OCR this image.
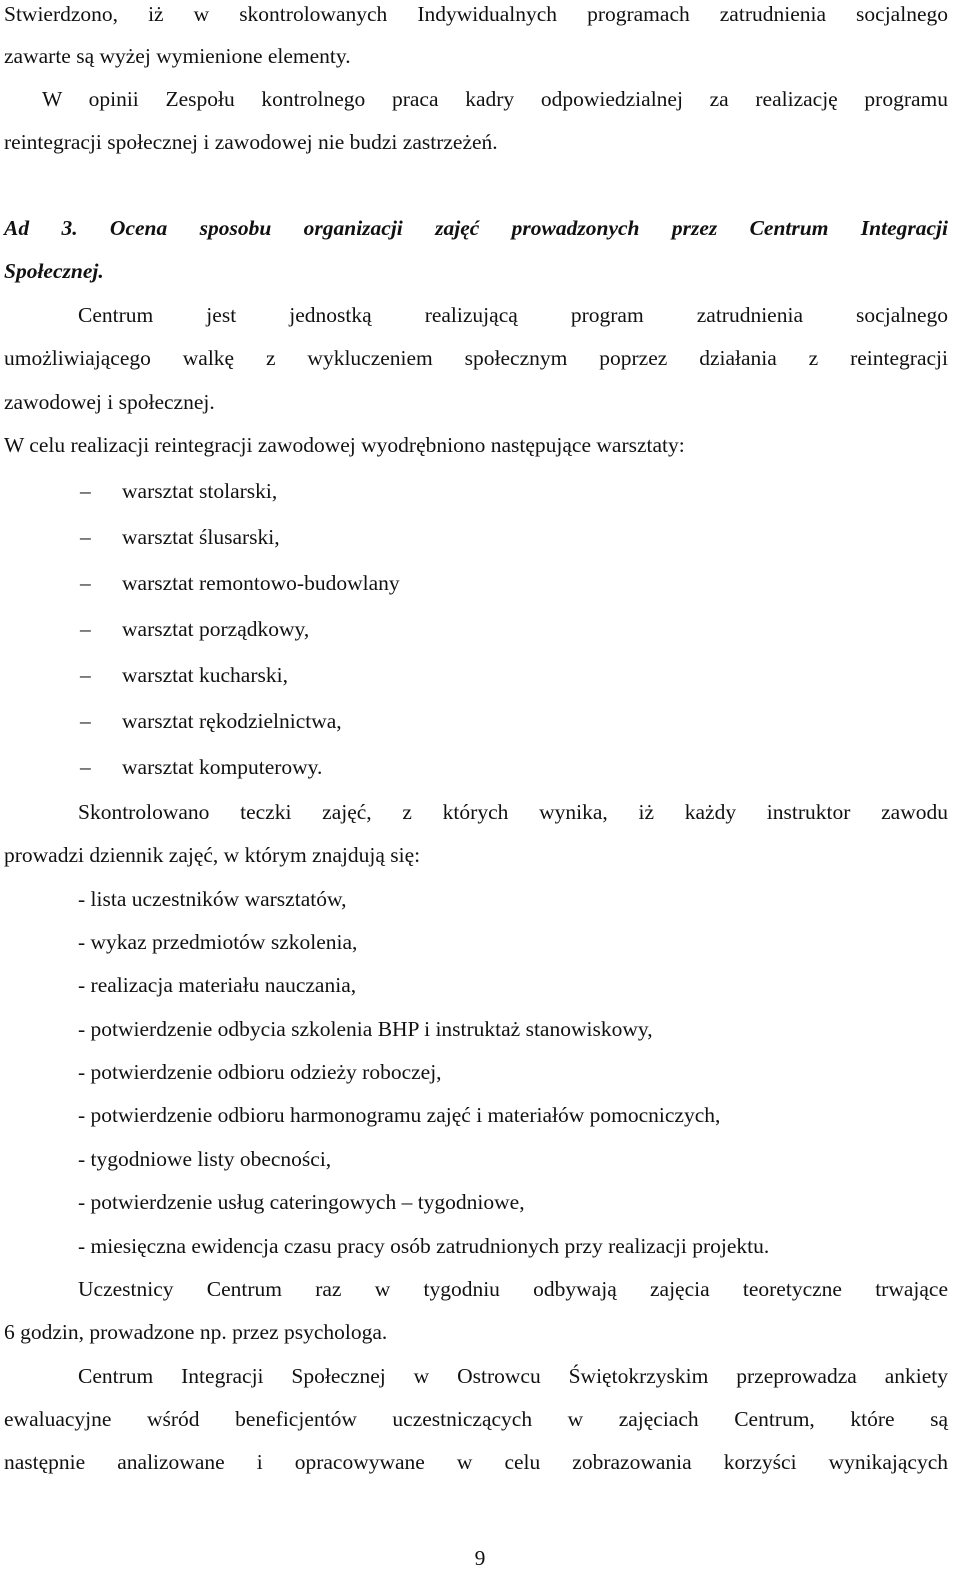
Stwierdzono, iż w skontrolowanych Indywidualnych programach zatrudnienia socjalnego
zawarte są wyżej wymienione elementy.
W opinii Zespołu kontrolnego praca kadry odpowiedzialnej za realizację programu
reintegracji społecznej i zawodowej nie budzi zastrzeżeń.
Ad 3. Ocena sposobu organizacji zajęć prowadzonych przez Centrum Integracji
Społecznej.
Centrum jest jednostką realizującą program zatrudnienia socjalnego
umożliwiającego walkę z wykluczeniem społecznym poprzez działania z reintegracji
zawodowej i społecznej.
W celu realizacji reintegracji zawodowej wyodrębniono następujące warsztaty:
– warsztat stolarski,
– warsztat ślusarski,
– warsztat remontowo-budowlany
– warsztat porządkowy,
– warsztat kucharski,
– warsztat rękodzielnictwa,
– warsztat komputerowy.
Skontrolowano teczki zajęć, z których wynika, iż każdy instruktor zawodu
prowadzi dziennik zajęć, w którym znajdują się:
- lista uczestników warsztatów,
- wykaz przedmiotów szkolenia,
- realizacja materiału nauczania,
- potwierdzenie odbycia szkolenia BHP i instruktaż stanowiskowy,
- potwierdzenie odbioru odzieży roboczej,
- potwierdzenie odbioru harmonogramu zajęć i materiałów pomocniczych,
- tygodniowe listy obecności,
- potwierdzenie usług cateringowych – tygodniowe,
- miesięczna ewidencja czasu pracy osób zatrudnionych przy realizacji projektu.
Uczestnicy Centrum raz w tygodniu odbywają zajęcia teoretyczne trwające
6 godzin, prowadzone np. przez psychologa.
Centrum Integracji Społecznej w Ostrowcu Świętokrzyskim przeprowadza ankiety
ewaluacyjne wśród beneficjentów uczestniczących w zajęciach Centrum, które są
następnie analizowane i opracowywane w celu zobrazowania korzyści wynikających
9
